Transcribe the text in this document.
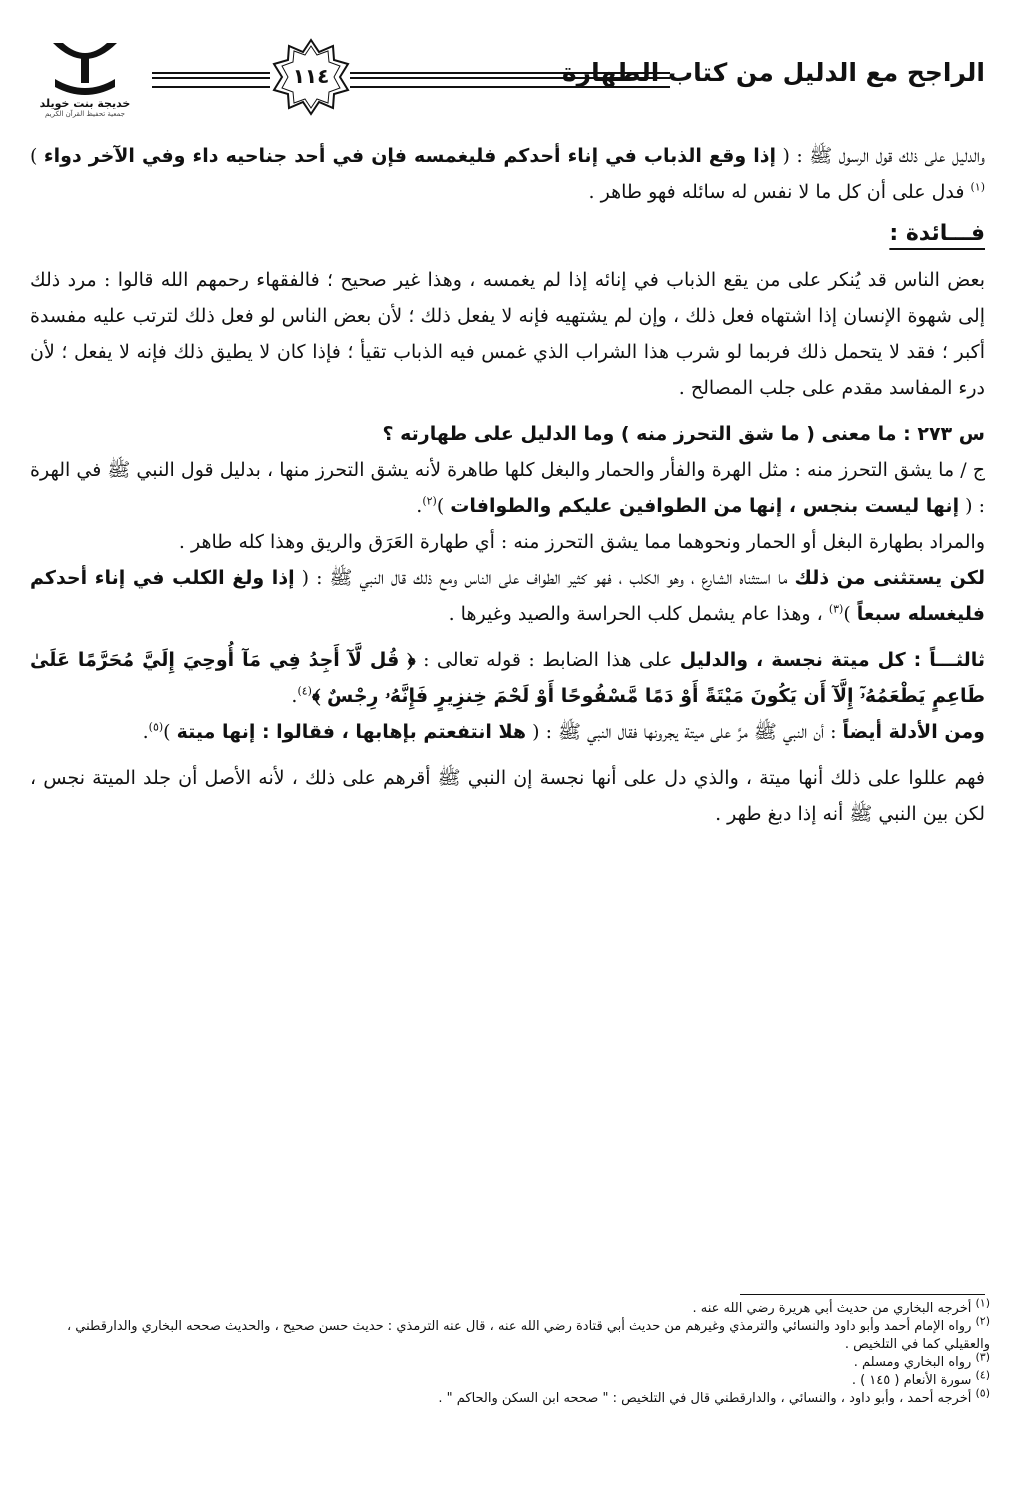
خديجة بنت خويلد
جمعية تحفيظ القرآن الكريم
١١٤	الراجح مع الدليل من كتاب الطهارة

والدليل على ذلك قول الرسول ﷺ : ( إذا وقع الذباب في إناء أحدكم فليغمسه فإن في أحد جناحيه داء وفي الآخر دواء )$^{(١)}$ فدل على أن كل ما لا نفس له سائله فهو طاهر .

فـــائدة :

بعض الناس قد يُنكر على من يقع الذباب في إنائه إذا لم يغمسه ، وهذا غير صحيح ؛ فالفقهاء رحمهم الله قالوا : مرد ذلك إلى شهوة الإنسان إذا اشتهاه فعل ذلك ، وإن لم يشتهيه فإنه لا يفعل ذلك ؛ لأن بعض الناس لو فعل ذلك لترتب عليه مفسدة أكبر ؛ فقد لا يتحمل ذلك فربما لو شرب هذا الشراب الذي غمس فيه الذباب تقيأ ؛ فإذا كان لا يطيق ذلك فإنه لا يفعل ؛ لأن درء المفاسد مقدم على جلب المصالح .

س ٢٧٣ : ما معنى ( ما شق التحرز منه ) وما الدليل على طهارته ؟

ج / ما يشق التحرز منه : مثل الهرة والفأر والحمار والبغل كلها طاهرة لأنه يشق التحرز منها ، بدليل قول النبي ﷺ في الهرة : ( إنها ليست بنجس ، إنها من الطوافين عليكم والطوافات )$^{(٢)}$.

والمراد بطهارة البغل أو الحمار ونحوهما مما يشق التحرز منه : أي طهارة العَرَق والريق وهذا كله طاهر .

لكن يستثنى من ذلك ما استثناه الشارع ، وهو الكلب ، فهو كثير الطواف على الناس ومع ذلك قال النبي ﷺ : ( إذا ولغ الكلب في إناء أحدكم فليغسله سبعاً )$^{(٣)}$ ، وهذا عام يشمل كلب الحراسة والصيد وغيرها .

ثالثـــاً : كل ميتة نجسة ، والدليل على هذا الضابط : قوله تعالى : ﴿ قُل لَّآ أَجِدُ فِي مَآ أُوحِيَ إِلَيَّ مُحَرَّمًا عَلَىٰ طَاعِمٍ يَطْعَمُهُۥٓ إِلَّآ أَن يَكُونَ مَيْتَةً أَوْ دَمًا مَّسْفُوحًا أَوْ لَحْمَ خِنزِيرٍ فَإِنَّهُۥ رِجْسٌ ﴾$^{(٤)}$.

ومن الأدلة أيضاً : أن النبي ﷺ مرَّ على ميتة يجرونها فقال النبي ﷺ : ( هلا انتفعتم بإهابها ، فقالوا : إنها ميتة )$^{(٥)}$.

فهم عللوا على ذلك أنها ميتة ، والذي دل على أنها نجسة إن النبي ﷺ أقرهم على ذلك ، لأنه الأصل أن جلد الميتة نجس ، لكن بين النبي ﷺ أنه إذا دبغ طهر .

$^{(١)}$ أخرجه البخاري من حديث أبي هريرة رضي الله عنه .

$^{(٢)}$ رواه الإمام أحمد وأبو داود والنسائي والترمذي وغيرهم من حديث أبي قتادة رضي الله عنه ، قال عنه الترمذي : حديث حسن صحيح ، والحديث صححه البخاري والدارقطني ، والعقيلي كما في التلخيص .

$^{(٣)}$ رواه البخاري ومسلم .

$^{(٤)}$ سورة الأنعام ( ١٤٥ ) .

$^{(٥)}$ أخرجه أحمد ، وأبو داود ، والنسائي ، والدارقطني قال في التلخيص : " صححه ابن السكن والحاكم " .
